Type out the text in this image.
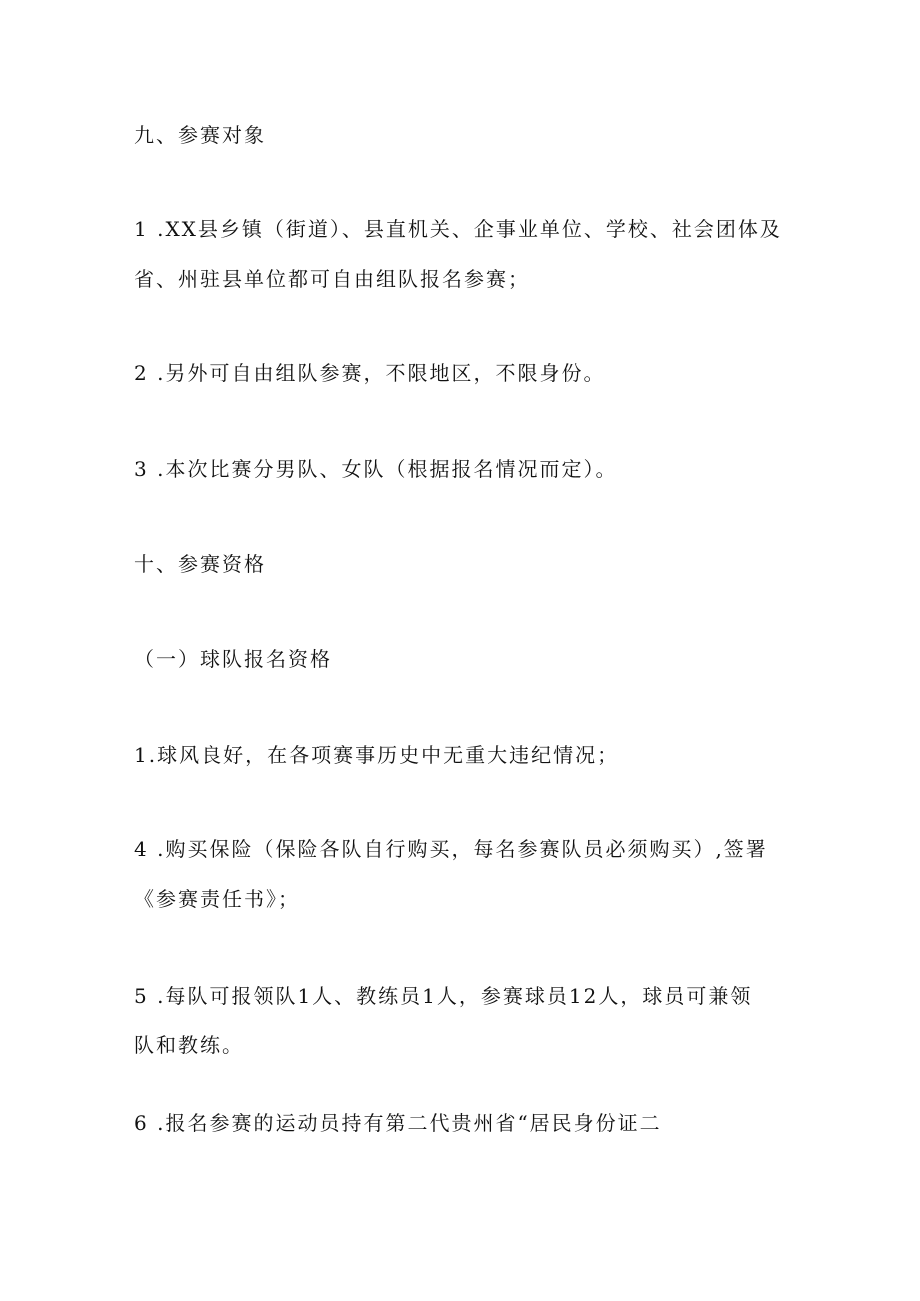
九、参赛对象
1 .XX县乡镇（街道）、县直机关、企事业单位、学校、社会团体及
省、州驻县单位都可自由组队报名参赛；
2 .另外可自由组队参赛，不限地区，不限身份。
3 .本次比赛分男队、女队（根据报名情况而定）。
十、参赛资格
（一）球队报名资格
1.球风良好，在各项赛事历史中无重大违纪情况；
4 .购买保险（保险各队自行购买，每名参赛队员必须购买）,签署
《参赛责任书》；
5 .每队可报领队1人、教练员1人，参赛球员12人，球员可兼领
队和教练。
6 .报名参赛的运动员持有第二代贵州省“居民身份证二
